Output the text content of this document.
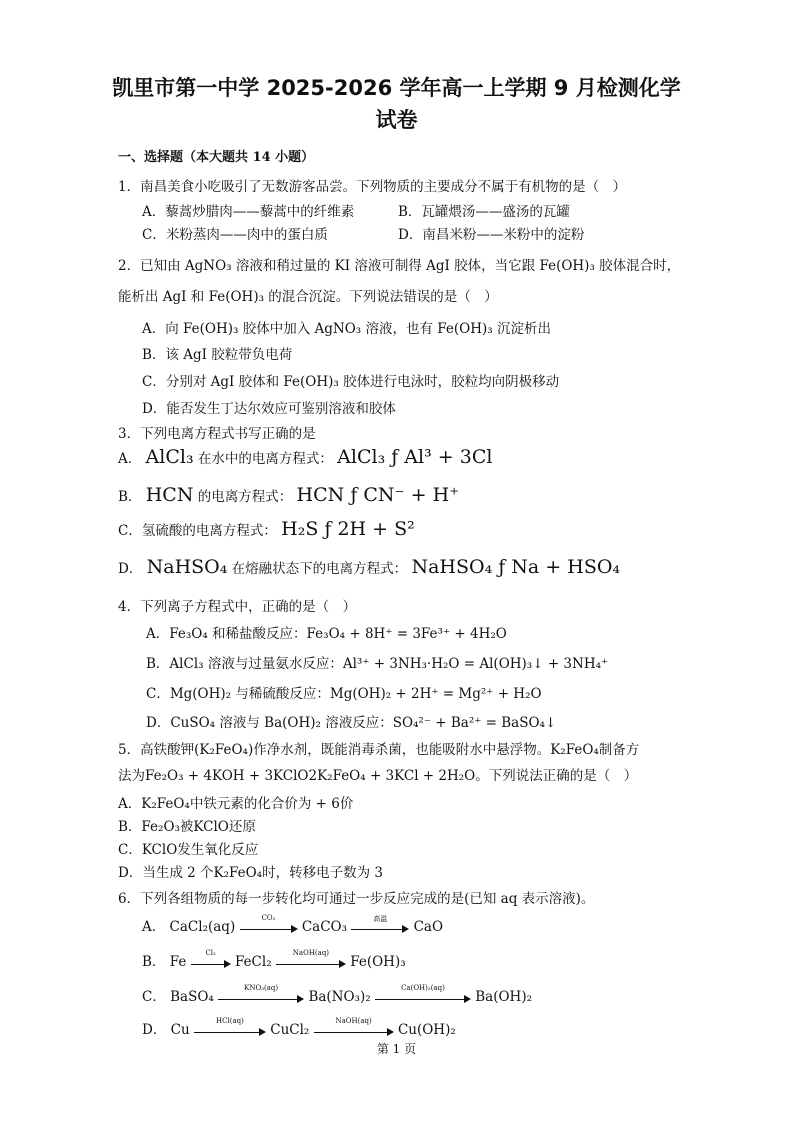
凯里市第一中学 2025-2026 学年高一上学期 9 月检测化学
试卷
一、选择题（本大题共 14 小题）
1．南昌美食小吃吸引了无数游客品尝。下列物质的主要成分不属于有机物的是（　）
A．藜蒿炒腊肉——藜蒿中的纤维素	B．瓦罐煨汤——盛汤的瓦罐
C．米粉蒸肉——肉中的蛋白质	D．南昌米粉——米粉中的淀粉
2．已知由 AgNO₃ 溶液和稍过量的 KI 溶液可制得 AgI 胶体，当它跟 Fe(OH)₃ 胶体混合时，
能析出 AgI 和 Fe(OH)₃ 的混合沉淀。下列说法错误的是（　）
A．向 Fe(OH)₃ 胶体中加入 AgNO₃ 溶液，也有 Fe(OH)₃ 沉淀析出
B．该 AgI 胶粒带负电荷
C．分别对 AgI 胶体和 Fe(OH)₃ 胶体进行电泳时，胶粒均向阴极移动
D．能否发生丁达尔效应可鉴别溶液和胶体
3．下列电离方程式书写正确的是
A． AlCl₃ 在水中的电离方程式： AlCl₃ ƒ Al³ + 3Cl
B． HCN 的电离方程式： HCN ƒ CN⁻ + H⁺
C．氢硫酸的电离方程式： H₂S ƒ 2H + S²
D． NaHSO₄ 在熔融状态下的电离方程式： NaHSO₄ ƒ Na + HSO₄
4．下列离子方程式中，正确的是（　）
A．Fe₃O₄ 和稀盐酸反应：Fe₃O₄ + 8H⁺ = 3Fe³⁺ + 4H₂O
B．AlCl₃ 溶液与过量氨水反应：Al³⁺ + 3NH₃·H₂O = Al(OH)₃↓ + 3NH₄⁺
C．Mg(OH)₂ 与稀硫酸反应：Mg(OH)₂ + 2H⁺ = Mg²⁺ + H₂O
D．CuSO₄ 溶液与 Ba(OH)₂ 溶液反应：SO₄²⁻ + Ba²⁺ = BaSO₄↓
5．高铁酸钾(K₂FeO₄)作净水剂，既能消毒杀菌，也能吸附水中悬浮物。K₂FeO₄制备方
法为Fe₂O₃ + 4KOH + 3KClO2K₂FeO₄ + 3KCl + 2H₂O。下列说法正确的是（　）
A．K₂FeO₄中铁元素的化合价为 + 6价
B．Fe₂O₃被KClO还原
C．KClO发生氧化反应
D．当生成 2 个K₂FeO₄时，转移电子数为 3
6．下列各组物质的每一步转化均可通过一步反应完成的是(已知 aq 表示溶液)。
A． CaCl₂(aq)
CO₂
CaCO₃
高温
CaO
B． Fe
Cl₂
FeCl₂
NaOH(aq)
Fe(OH)₃
C． BaSO₄
KNO₃(aq)
Ba(NO₃)₂
Ca(OH)₂(aq)
Ba(OH)₂
D． Cu
HCl(aq)
CuCl₂
NaOH(aq)
Cu(OH)₂
第 1 页
